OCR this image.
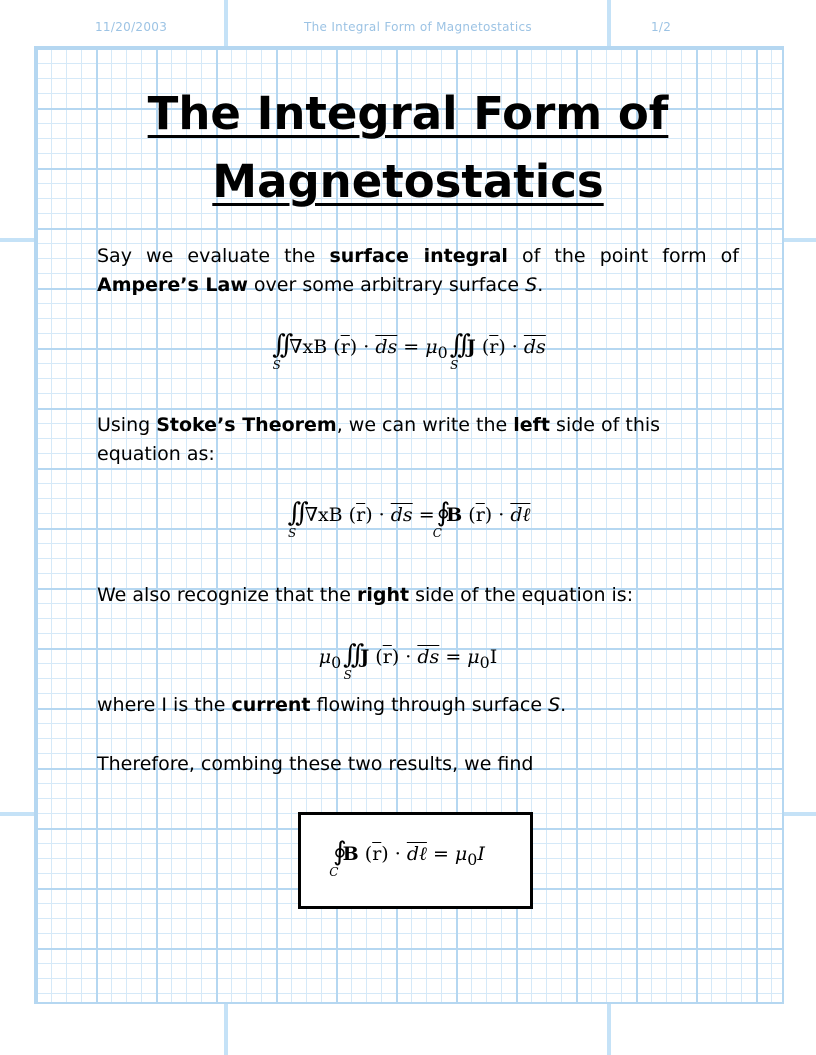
11/20/2003	The Integral Form of Magnetostatics	1/2
The Integral Form of
Magnetostatics
Say we evaluate the surface integral of the point form of
Ampere’s Law over some arbitrary surface S.
∫∫
S
∇xB $(\overline{r}) \cdot \overline{ds} = \mu_0$ ∫∫
S
J $(\overline{r}) \cdot \overline{ds}$
Using Stoke’s Theorem, we can write the left side of this equation as:
∫∫
S
∇xB $(\overline{r}) \cdot \overline{ds}$ = ∮
C
B $(\overline{r})$ · dℓ
We also recognize that the right side of the equation is:
$\mu_0$ ∫∫
S
J $(\overline{r}) \cdot \overline{ds} = \mu_0I$
where I is the current flowing through surface S.
Therefore, combing these two results, we find
∮
C
B $(\overline{r})$ · dℓ = $\mu_0I$
